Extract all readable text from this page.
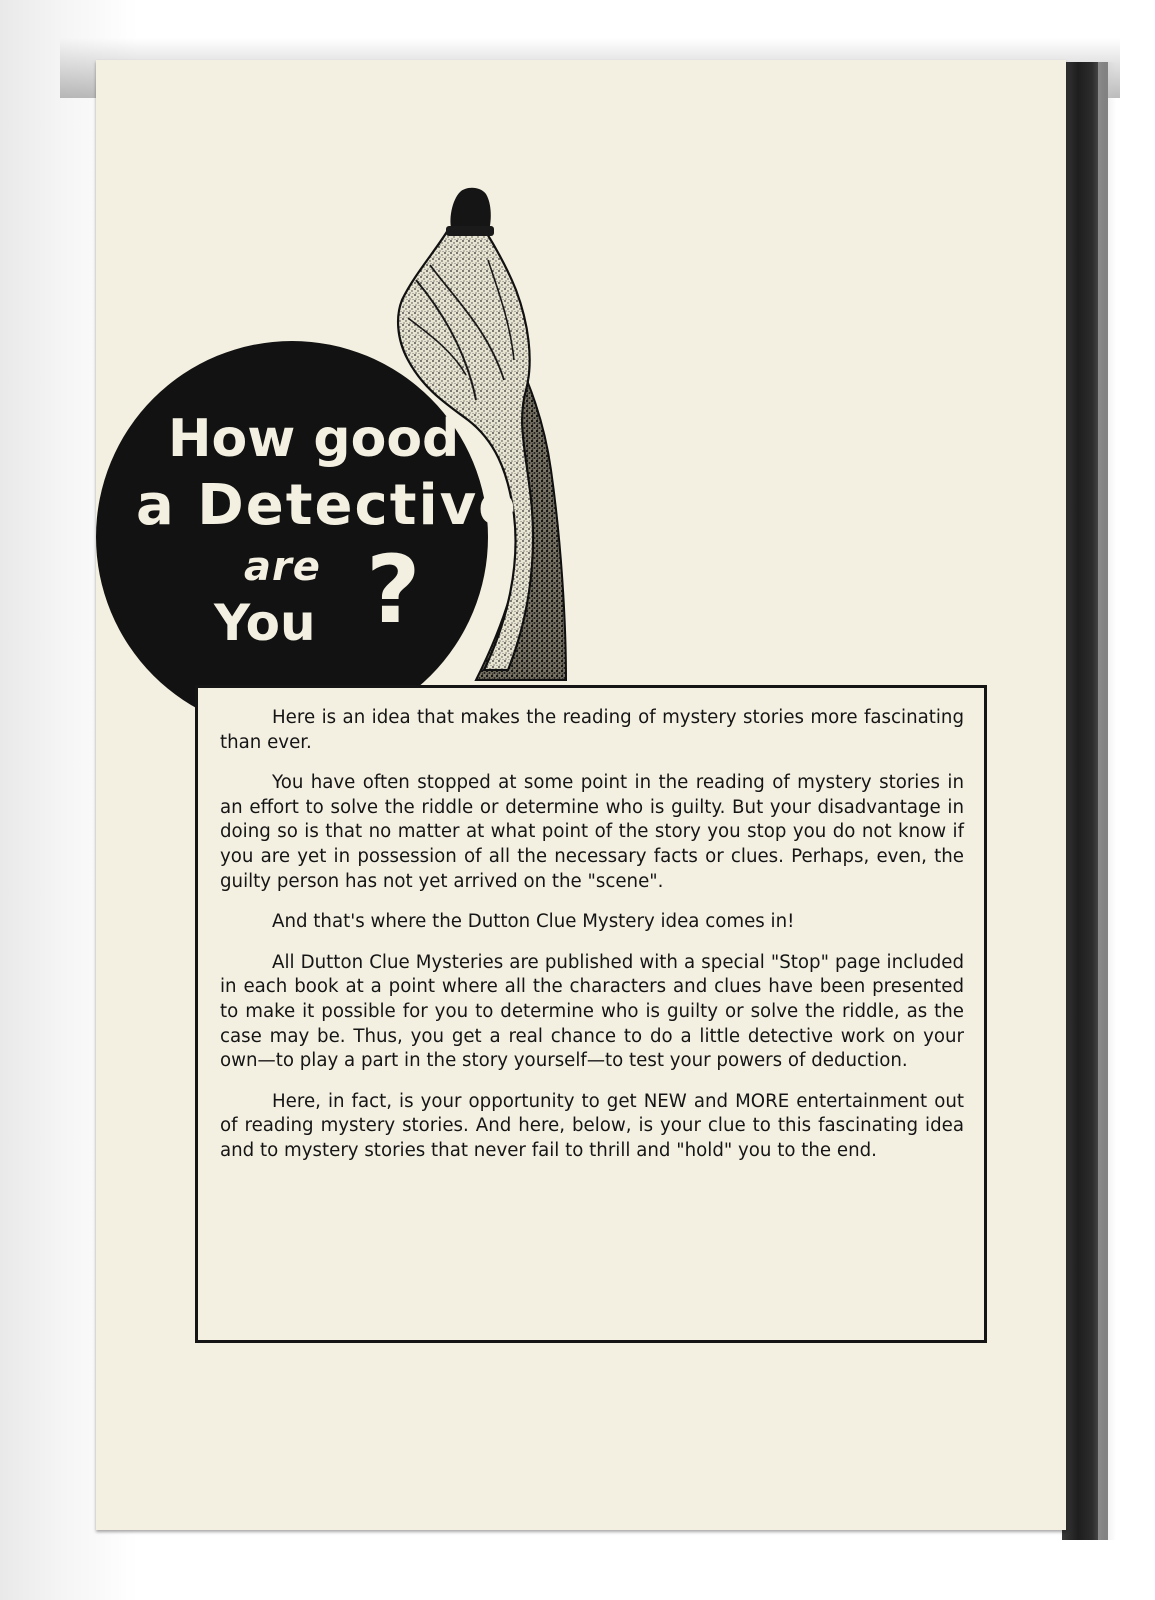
How good
a Detective
are
You ?

Here is an idea that makes the reading of mystery stories more fascinating than ever.

You have often stopped at some point in the reading of mystery stories in an effort to solve the riddle or determine who is guilty. But your disadvantage in doing so is that no matter at what point of the story you stop you do not know if you are yet in possession of all the necessary facts or clues. Perhaps, even, the guilty person has not yet arrived on the "scene".

And that's where the Dutton Clue Mystery idea comes in!

All Dutton Clue Mysteries are published with a special "Stop" page included in each book at a point where all the characters and clues have been presented to make it possible for you to determine who is guilty or solve the riddle, as the case may be. Thus, you get a real chance to do a little detective work on your own—to play a part in the story yourself—to test your powers of deduction.

Here, in fact, is your opportunity to get NEW and MORE entertainment out of reading mystery stories. And here, below, is your clue to this fascinating idea and to mystery stories that never fail to thrill and "hold" you to the end.
